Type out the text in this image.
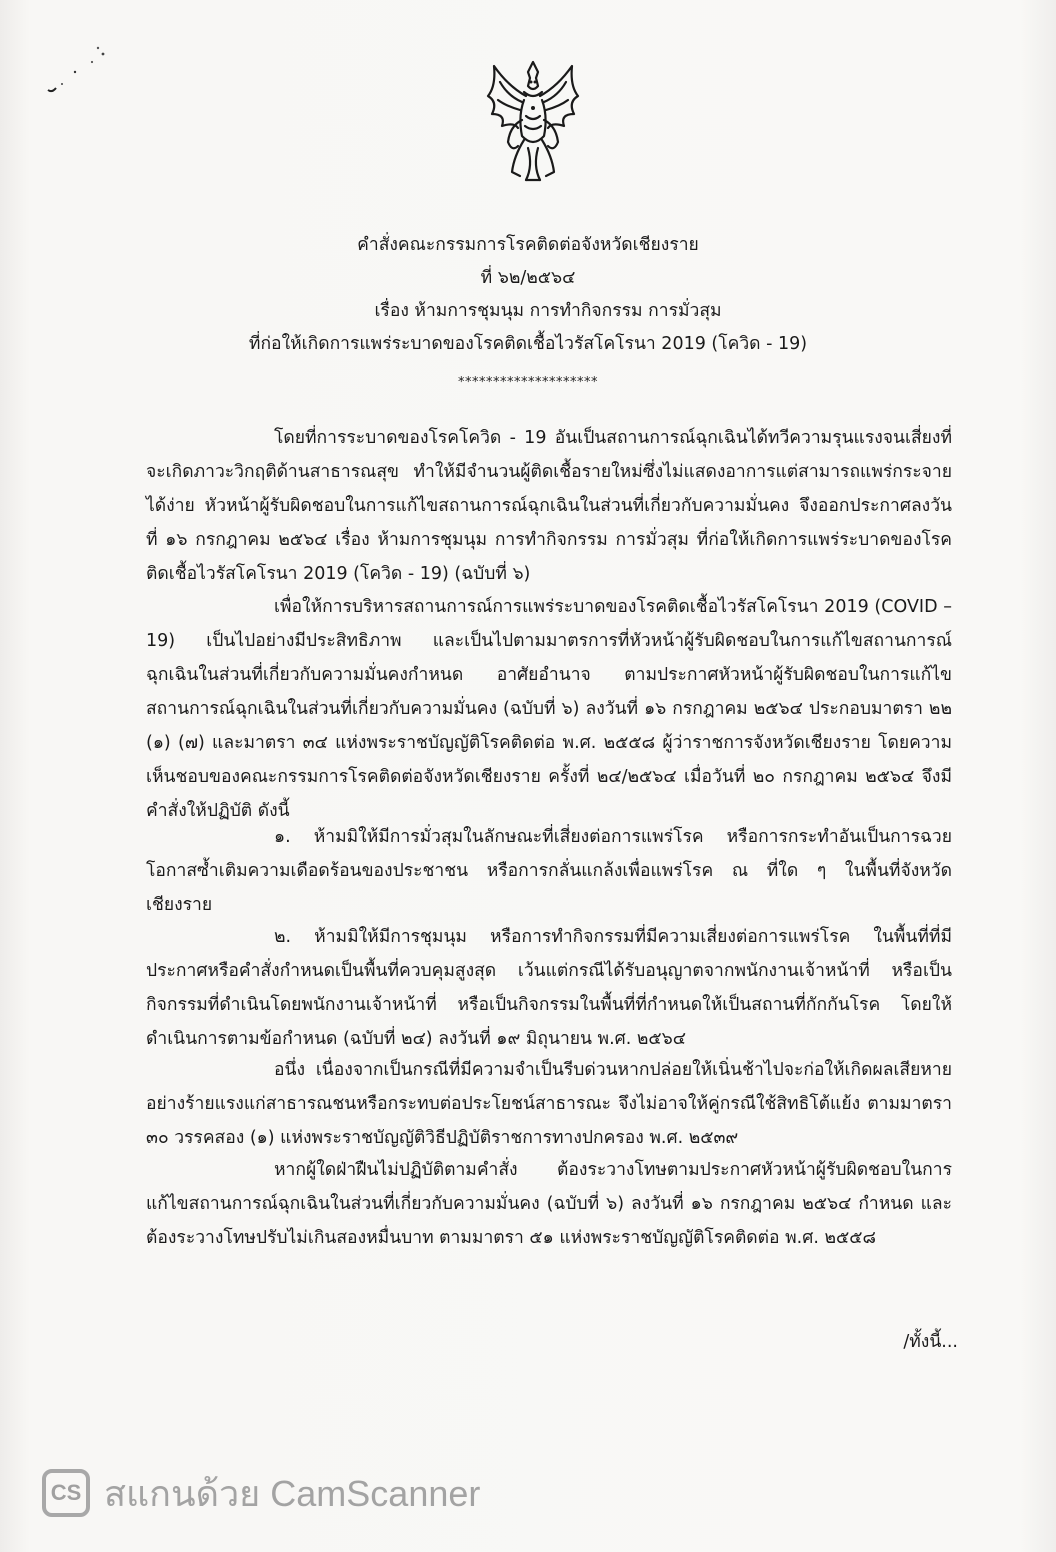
คำสั่งคณะกรรมการโรคติดต่อจังหวัดเชียงราย
ที่ ๖๒/๒๕๖๔
เรื่อง ห้ามการชุมนุม การทำกิจกรรม การมั่วสุม
ที่ก่อให้เกิดการแพร่ระบาดของโรคติดเชื้อไวรัสโคโรนา 2019 (โควิด - 19)
********************

โดยที่การระบาดของโรคโควิด - 19 อันเป็นสถานการณ์ฉุกเฉินได้ทวีความรุนแรงจนเสี่ยงที่จะเกิดภาวะวิกฤติด้านสาธารณสุข ทำให้มีจำนวนผู้ติดเชื้อรายใหม่ซึ่งไม่แสดงอาการแต่สามารถแพร่กระจายได้ง่าย หัวหน้าผู้รับผิดชอบในการแก้ไขสถานการณ์ฉุกเฉินในส่วนที่เกี่ยวกับความมั่นคง จึงออกประกาศลงวันที่ ๑๖ กรกฎาคม ๒๕๖๔ เรื่อง ห้ามการชุมนุม การทำกิจกรรม การมั่วสุม ที่ก่อให้เกิดการแพร่ระบาดของโรคติดเชื้อไวรัสโคโรนา 2019 (โควิด - 19) (ฉบับที่ ๖)

เพื่อให้การบริหารสถานการณ์การแพร่ระบาดของโรคติดเชื้อไวรัสโคโรนา 2019 (COVID – 19) เป็นไปอย่างมีประสิทธิภาพ และเป็นไปตามมาตรการที่หัวหน้าผู้รับผิดชอบในการแก้ไขสถานการณ์ฉุกเฉินในส่วนที่เกี่ยวกับความมั่นคงกำหนด อาศัยอำนาจ ตามประกาศหัวหน้าผู้รับผิดชอบในการแก้ไขสถานการณ์ฉุกเฉินในส่วนที่เกี่ยวกับความมั่นคง (ฉบับที่ ๖) ลงวันที่ ๑๖ กรกฎาคม ๒๕๖๔ ประกอบมาตรา ๒๒ (๑) (๗) และมาตรา ๓๔ แห่งพระราชบัญญัติโรคติดต่อ พ.ศ. ๒๕๕๘ ผู้ว่าราชการจังหวัดเชียงราย โดยความเห็นชอบของคณะกรรมการโรคติดต่อจังหวัดเชียงราย ครั้งที่ ๒๔/๒๕๖๔ เมื่อวันที่ ๒๐ กรกฎาคม ๒๕๖๔ จึงมีคำสั่งให้ปฏิบัติ ดังนี้

๑. ห้ามมิให้มีการมั่วสุมในลักษณะที่เสี่ยงต่อการแพร่โรค หรือการกระทำอันเป็นการฉวยโอกาสซ้ำเติมความเดือดร้อนของประชาชน หรือการกลั่นแกล้งเพื่อแพร่โรค ณ ที่ใด ๆ ในพื้นที่จังหวัดเชียงราย

๒. ห้ามมิให้มีการชุมนุม หรือการทำกิจกรรมที่มีความเสี่ยงต่อการแพร่โรค ในพื้นที่ที่มีประกาศหรือคำสั่งกำหนดเป็นพื้นที่ควบคุมสูงสุด เว้นแต่กรณีได้รับอนุญาตจากพนักงานเจ้าหน้าที่ หรือเป็นกิจกรรมที่ดำเนินโดยพนักงานเจ้าหน้าที่ หรือเป็นกิจกรรมในพื้นที่ที่กำหนดให้เป็นสถานที่กักกันโรค โดยให้ดำเนินการตามข้อกำหนด (ฉบับที่ ๒๔) ลงวันที่ ๑๙ มิถุนายน พ.ศ. ๒๕๖๔

อนึ่ง เนื่องจากเป็นกรณีที่มีความจำเป็นรีบด่วนหากปล่อยให้เนิ่นช้าไปจะก่อให้เกิดผลเสียหายอย่างร้ายแรงแก่สาธารณชนหรือกระทบต่อประโยชน์สาธารณะ จึงไม่อาจให้คู่กรณีใช้สิทธิโต้แย้ง ตามมาตรา ๓๐ วรรคสอง (๑) แห่งพระราชบัญญัติวิธีปฏิบัติราชการทางปกครอง พ.ศ. ๒๕๓๙

หากผู้ใดฝ่าฝืนไม่ปฏิบัติตามคำสั่ง ต้องระวางโทษตามประกาศหัวหน้าผู้รับผิดชอบในการแก้ไขสถานการณ์ฉุกเฉินในส่วนที่เกี่ยวกับความมั่นคง (ฉบับที่ ๖) ลงวันที่ ๑๖ กรกฎาคม ๒๕๖๔ กำหนด และต้องระวางโทษปรับไม่เกินสองหมื่นบาท ตามมาตรา ๕๑ แห่งพระราชบัญญัติโรคติดต่อ พ.ศ. ๒๕๕๘

/ทั้งนี้...
CS สแกนด้วย CamScanner
